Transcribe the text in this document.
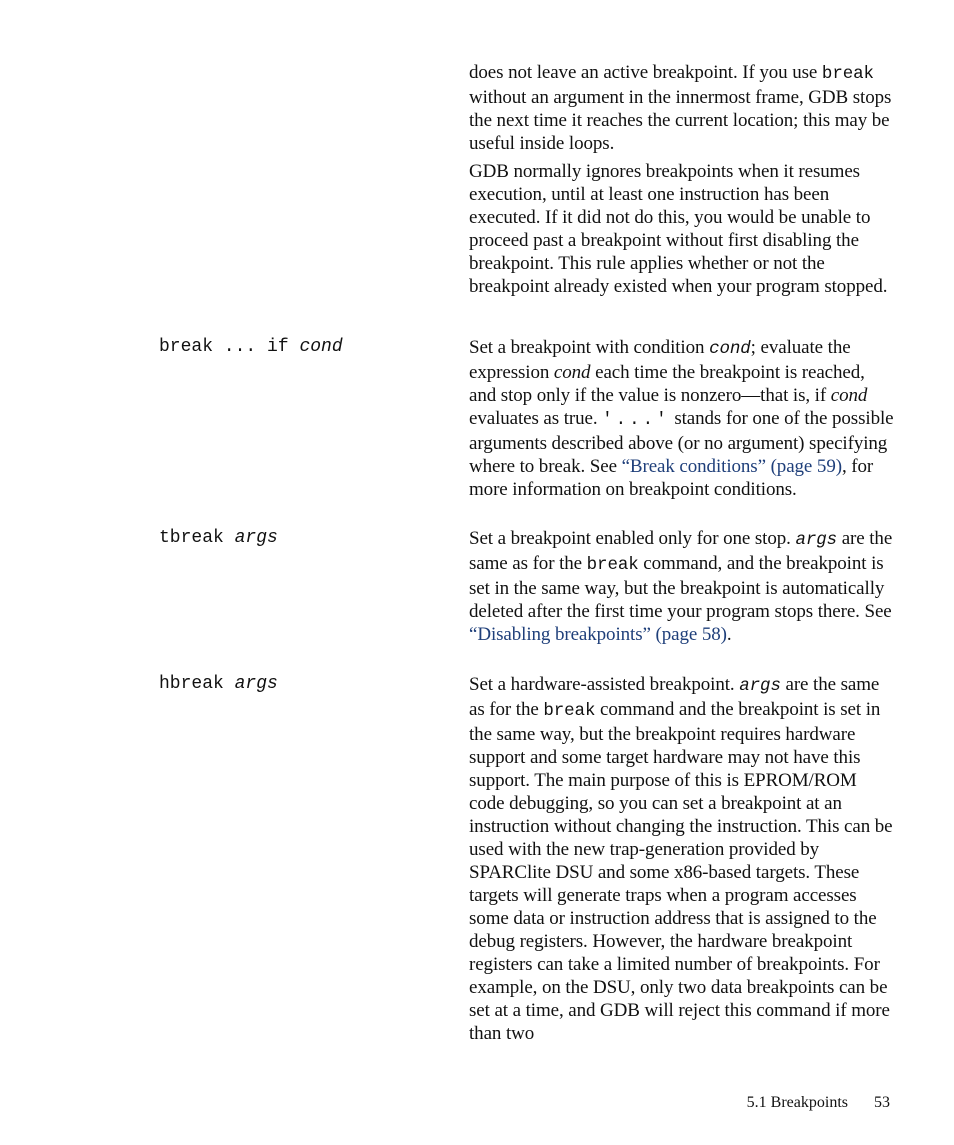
does not leave an active breakpoint. If you use break without an argument in the innermost frame, GDB stops the next time it reaches the current location; this may be useful inside loops.

GDB normally ignores breakpoints when it resumes execution, until at least one instruction has been executed. If it did not do this, you would be unable to proceed past a breakpoint without first disabling the breakpoint. This rule applies whether or not the breakpoint already existed when your program stopped.

break ... if cond	Set a breakpoint with condition cond; evaluate the expression cond each time the breakpoint is reached, and stop only if the value is nonzero—that is, if cond evaluates as true. '...' stands for one of the possible arguments described above (or no argument) specifying where to break. See “Break conditions” (page 59), for more information on breakpoint conditions.

tbreak args	Set a breakpoint enabled only for one stop. args are the same as for the break command, and the breakpoint is set in the same way, but the breakpoint is automatically deleted after the first time your program stops there. See “Disabling breakpoints” (page 58).

hbreak args	Set a hardware-assisted breakpoint. args are the same as for the break command and the breakpoint is set in the same way, but the breakpoint requires hardware support and some target hardware may not have this support. The main purpose of this is EPROM/ROM code debugging, so you can set a breakpoint at an instruction without changing the instruction. This can be used with the new trap-generation provided by SPARClite DSU and some x86-based targets. These targets will generate traps when a program accesses some data or instruction address that is assigned to the debug registers. However, the hardware breakpoint registers can take a limited number of breakpoints. For example, on the DSU, only two data breakpoints can be set at a time, and GDB will reject this command if more than two

5.1 Breakpoints 53
